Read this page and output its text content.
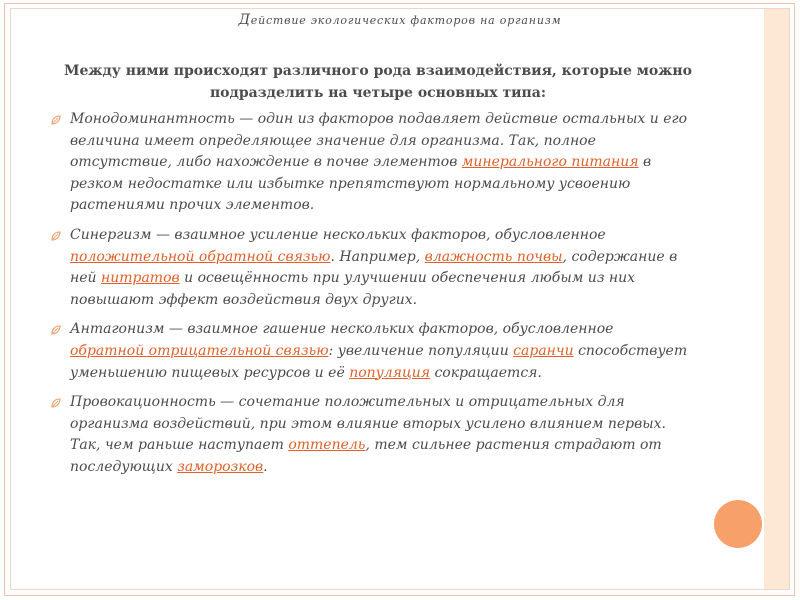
Действие экологических факторов на организм
Между ними происходят различного рода взаимодействия, которые можно подразделить на четыре основных типа:
Монодоминантность — один из факторов подавляет действие остальных и его величина имеет определяющее значение для организма. Так, полное отсутствие, либо нахождение в почве элементов минерального питания в резком недостатке или избытке препятствуют нормальному усвоению растениями прочих элементов.
Синергизм — взаимное усиление нескольких факторов, обусловленное положительной обратной связью. Например, влажность почвы, содержание в ней нитратов и освещённость при улучшении обеспечения любым из них повышают эффект воздействия двух других.
Антагонизм — взаимное гашение нескольких факторов, обусловленное обратной отрицательной связью: увеличение популяции саранчи способствует уменьшению пищевых ресурсов и её популяция сокращается.
Провокационность — сочетание положительных и отрицательных для организма воздействий, при этом влияние вторых усилено влиянием первых. Так, чем раньше наступает оттепель, тем сильнее растения страдают от последующих заморозков.
